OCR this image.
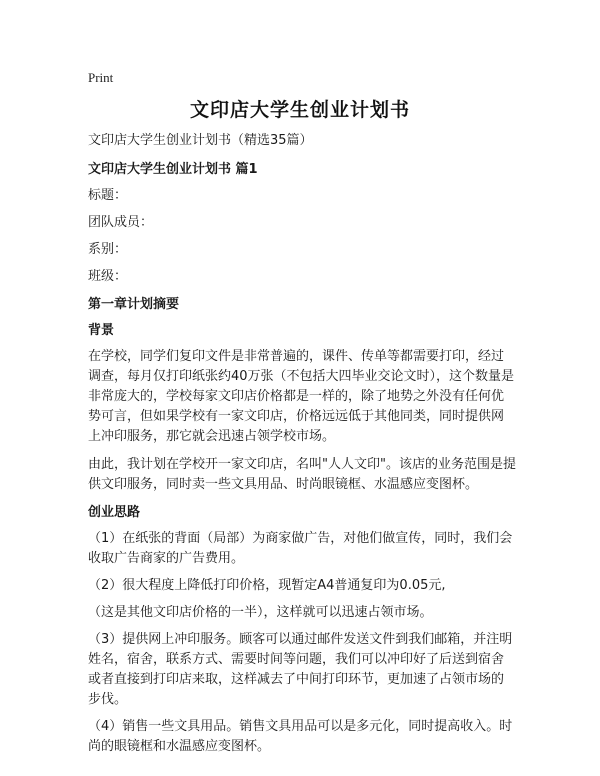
Print
文印店大学生创业计划书

文印店大学生创业计划书（精选35篇）

文印店大学生创业计划书 篇1

标题：

团队成员：

系别：

班级：

第一章计划摘要

背景

在学校，同学们复印文件是非常普遍的，课件、传单等都需要打印，经过调查，每月仅打印纸张约40万张（不包括大四毕业交论文时），这个数量是非常庞大的，学校每家文印店价格都是一样的，除了地势之外没有任何优势可言，但如果学校有一家文印店，价格远远低于其他同类，同时提供网上冲印服务，那它就会迅速占领学校市场。

由此，我计划在学校开一家文印店，名叫"人人文印"。该店的业务范围是提供文印服务，同时卖一些文具用品、时尚眼镜框、水温感应变图杯。

创业思路

（1）在纸张的背面（局部）为商家做广告，对他们做宣传，同时，我们会收取广告商家的广告费用。

（2）很大程度上降低打印价格，现暂定A4普通复印为0.05元,

（这是其他文印店价格的一半），这样就可以迅速占领市场。

（3）提供网上冲印服务。顾客可以通过邮件发送文件到我们邮箱，并注明姓名，宿舍，联系方式、需要时间等问题，我们可以冲印好了后送到宿舍或者直接到打印店来取，这样减去了中间打印环节，更加速了占领市场的步伐。

（4）销售一些文具用品。销售文具用品可以是多元化，同时提高收入。时尚的眼镜框和水温感应变图杯。
